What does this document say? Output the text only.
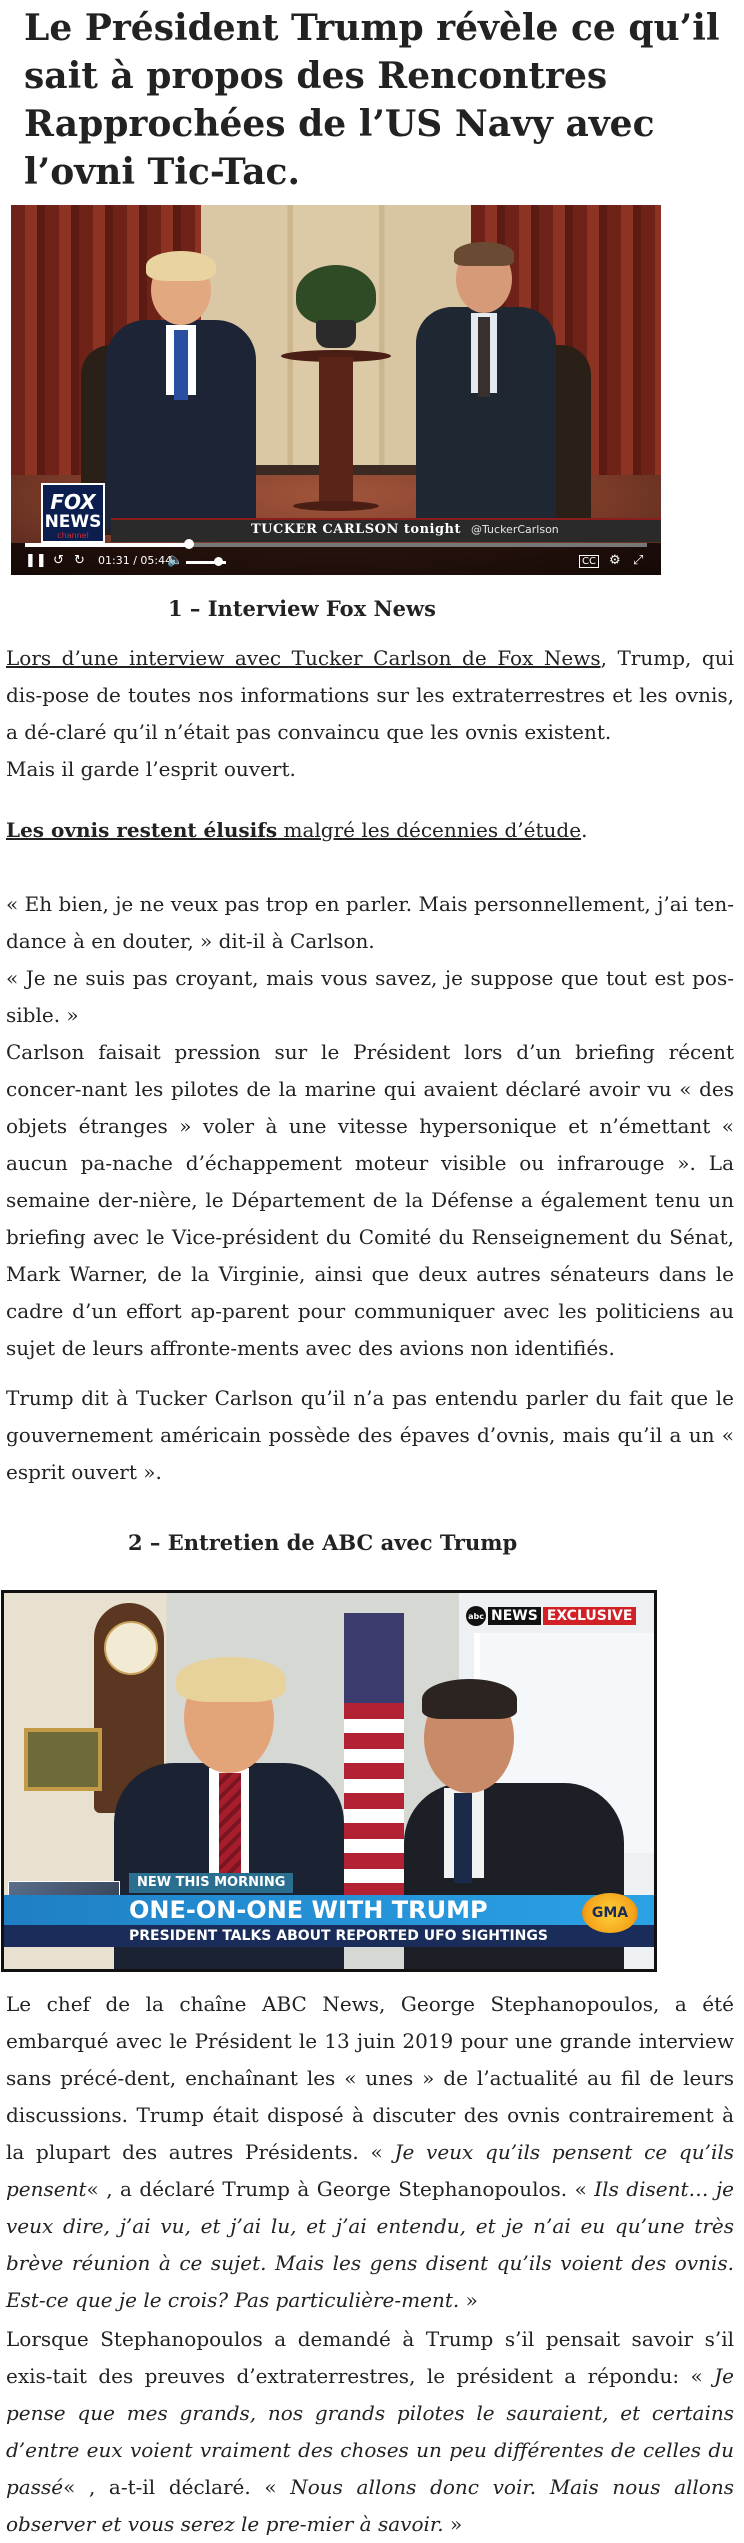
Le Président Trump révèle ce qu’il sait à propos des Rencontres Rapprochées de l’US Navy avec l’ovni Tic-Tac.
FOX
NEWS
channel	TUCKER CARLSON tonight @TuckerCarlson
❚❚ ↺ ↻ 01:31 / 05:44
🔈	CC ⚙ ⤢
1 – Interview Fox News

Lors d’une interview avec Tucker Carlson de Fox News, Trump, qui dis-pose de toutes nos informations sur les extraterrestres et les ovnis, a dé-claré qu’il n’était pas convaincu que les ovnis existent.
Mais il garde l’esprit ouvert.

Les ovnis restent élusifs malgré les décennies d’étude.

« Eh bien, je ne veux pas trop en parler. Mais personnellement, j’ai ten-dance à en douter, » dit-il à Carlson.
« Je ne suis pas croyant, mais vous savez, je suppose que tout est pos-sible. »

Carlson faisait pression sur le Président lors d’un briefing récent concer-nant les pilotes de la marine qui avaient déclaré avoir vu « des objets étranges » voler à une vitesse hypersonique et n’émettant « aucun pa-nache d’échappement moteur visible ou infrarouge ». La semaine der-nière, le Département de la Défense a également tenu un briefing avec le Vice-président du Comité du Renseignement du Sénat, Mark Warner, de la Virginie, ainsi que deux autres sénateurs dans le cadre d’un effort ap-parent pour communiquer avec les politiciens au sujet de leurs affronte-ments avec des avions non identifiés.

Trump dit à Tucker Carlson qu’il n’a pas entendu parler du fait que le gouvernement américain possède des épaves d’ovnis, mais qu’il a un « esprit ouvert ».

2 – Entretien de ABC avec Trump
abc NEWS EXCLUSIVE
NEW THIS MORNING
ONE-ON-ONE WITH TRUMP
PRESIDENT TALKS ABOUT REPORTED UFO SIGHTINGS
GMA

Le chef de la chaîne ABC News, George Stephanopoulos, a été embarqué avec le Président le 13 juin 2019 pour une grande interview sans précé-dent, enchaînant les « unes » de l’actualité au fil de leurs discussions. Trump était disposé à discuter des ovnis contrairement à la plupart des autres Présidents. « Je veux qu’ils pensent ce qu’ils pensent« , a déclaré Trump à George Stephanopoulos. « Ils disent… je veux dire, j’ai vu, et j’ai lu, et j’ai entendu, et je n’ai eu qu’une très brève réunion à ce sujet. Mais les gens disent qu’ils voient des ovnis. Est-ce que je le crois? Pas particulière-ment. »

Lorsque Stephanopoulos a demandé à Trump s’il pensait savoir s’il exis-tait des preuves d’extraterrestres, le président a répondu: « Je pense que mes grands, nos grands pilotes le sauraient, et certains d’entre eux voient vraiment des choses un peu différentes de celles du passé« , a-t-il déclaré. « Nous allons donc voir. Mais nous allons observer et vous serez le pre-mier à savoir. »
